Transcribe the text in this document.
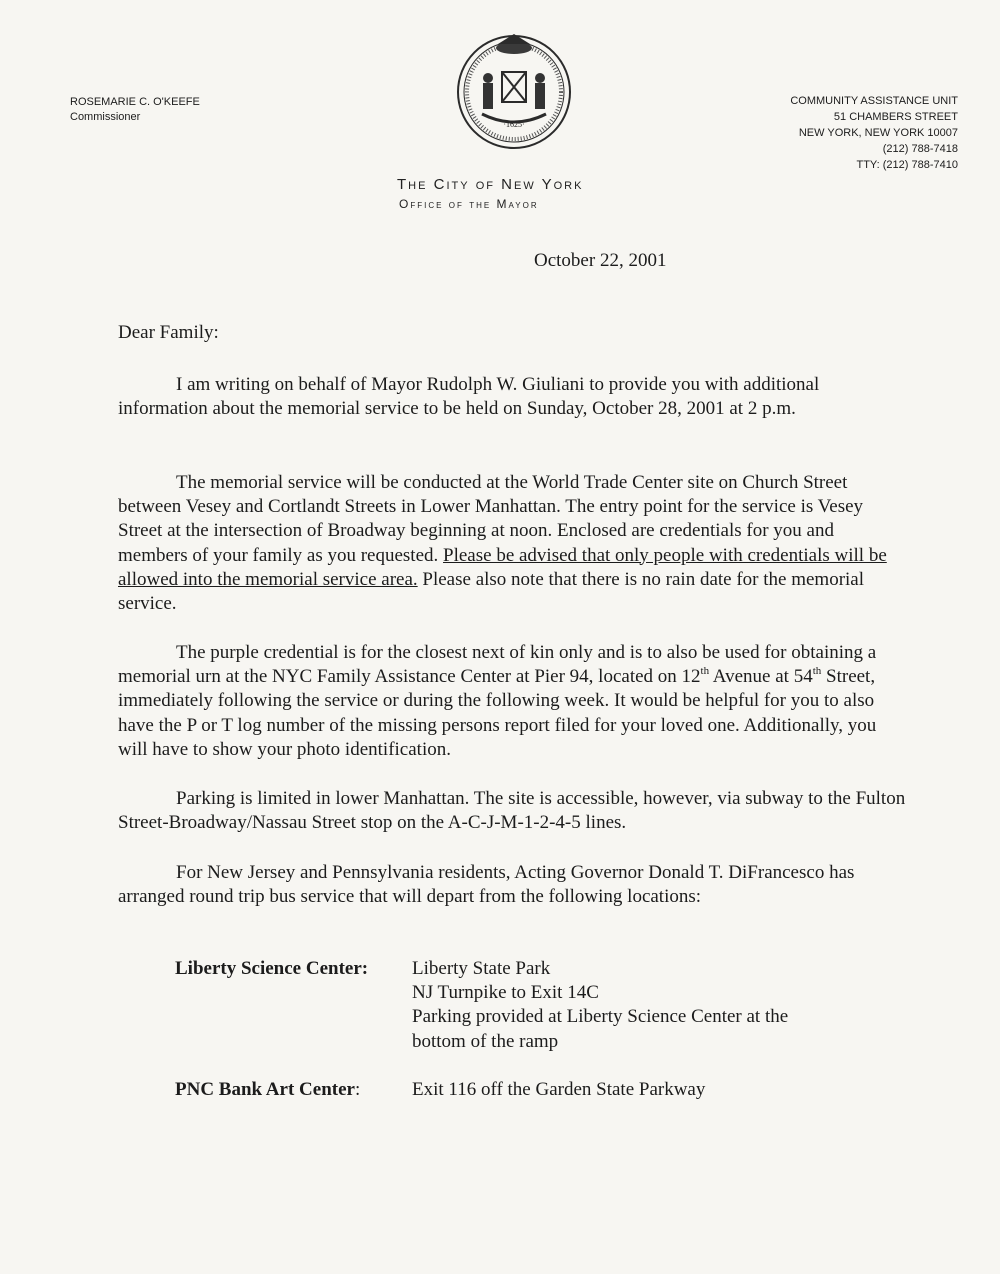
ROSEMARIE C. O'KEEFE
Commissioner
·1625·
COMMUNITY ASSISTANCE UNIT
51 CHAMBERS STREET
NEW YORK, NEW YORK 10007
(212) 788-7418
TTY: (212) 788-7410
The City of New York
Office of the Mayor
October 22, 2001
Dear Family:

I am writing on behalf of Mayor Rudolph W. Giuliani to provide you with additional information about the memorial service to be held on Sunday, October 28, 2001 at 2 p.m.

The memorial service will be conducted at the World Trade Center site on Church Street between Vesey and Cortlandt Streets in Lower Manhattan. The entry point for the service is Vesey Street at the intersection of Broadway beginning at noon. Enclosed are credentials for you and members of your family as you requested. Please be advised that only people with credentials will be allowed into the memorial service area. Please also note that there is no rain date for the memorial service.

The purple credential is for the closest next of kin only and is to also be used for obtaining a memorial urn at the NYC Family Assistance Center at Pier 94, located on 12th Avenue at 54th Street, immediately following the service or during the following week. It would be helpful for you to also have the P or T log number of the missing persons report filed for your loved one. Additionally, you will have to show your photo identification.

Parking is limited in lower Manhattan. The site is accessible, however, via subway to the Fulton Street-Broadway/Nassau Street stop on the A-C-J-M-1-2-4-5 lines.

For New Jersey and Pennsylvania residents, Acting Governor Donald T. DiFrancesco has arranged round trip bus service that will depart from the following locations:

Liberty Science Center:	Liberty State Park
NJ Turnpike to Exit 14C
Parking provided at Liberty Science Center at the
bottom of the ramp
PNC Bank Art Center:	Exit 116 off the Garden State Parkway
